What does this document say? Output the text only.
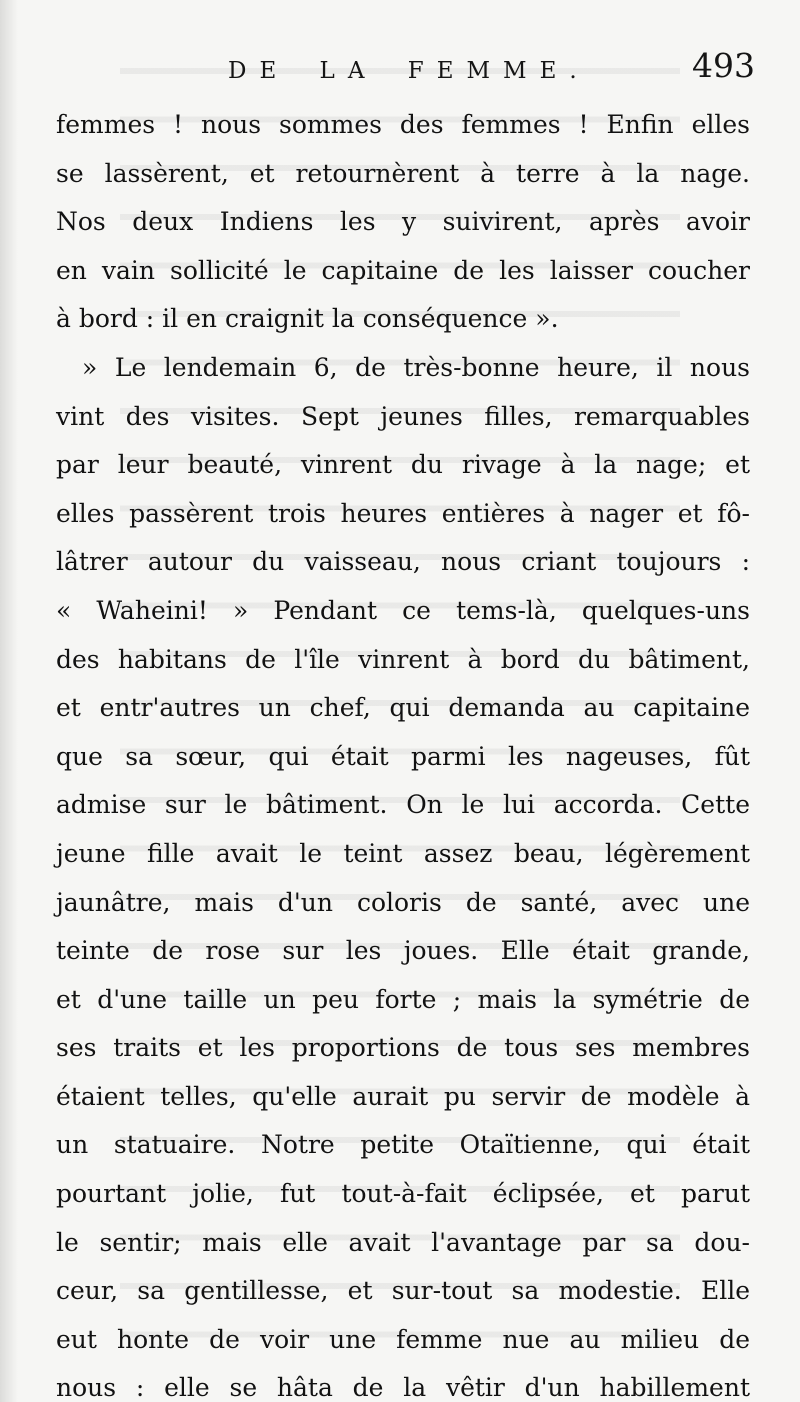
DE LA FEMME.	493
femmes ! nous sommes des femmes ! Enfin elles
se lassèrent, et retournèrent à terre à la nage.
Nos deux Indiens les y suivirent, après avoir
en vain sollicité le capitaine de les laisser coucher
à bord : il en craignit la conséquence ».
» Le lendemain 6, de très-bonne heure, il nous
vint des visites. Sept jeunes filles, remarquables
par leur beauté, vinrent du rivage à la nage; et
elles passèrent trois heures entières à nager et fô-
lâtrer autour du vaisseau, nous criant toujours :
« Waheini! » Pendant ce tems-là, quelques-uns
des habitans de l'île vinrent à bord du bâtiment,
et entr'autres un chef, qui demanda au capitaine
que sa sœur, qui était parmi les nageuses, fût
admise sur le bâtiment. On le lui accorda. Cette
jeune fille avait le teint assez beau, légèrement
jaunâtre, mais d'un coloris de santé, avec une
teinte de rose sur les joues. Elle était grande,
et d'une taille un peu forte ; mais la symétrie de
ses traits et les proportions de tous ses membres
étaient telles, qu'elle aurait pu servir de modèle à
un statuaire. Notre petite Otaïtienne, qui était
pourtant jolie, fut tout-à-fait éclipsée, et parut
le sentir; mais elle avait l'avantage par sa dou-
ceur, sa gentillesse, et sur-tout sa modestie. Elle
eut honte de voir une femme nue au milieu de
nous : elle se hâta de la vêtir d'un habillement
